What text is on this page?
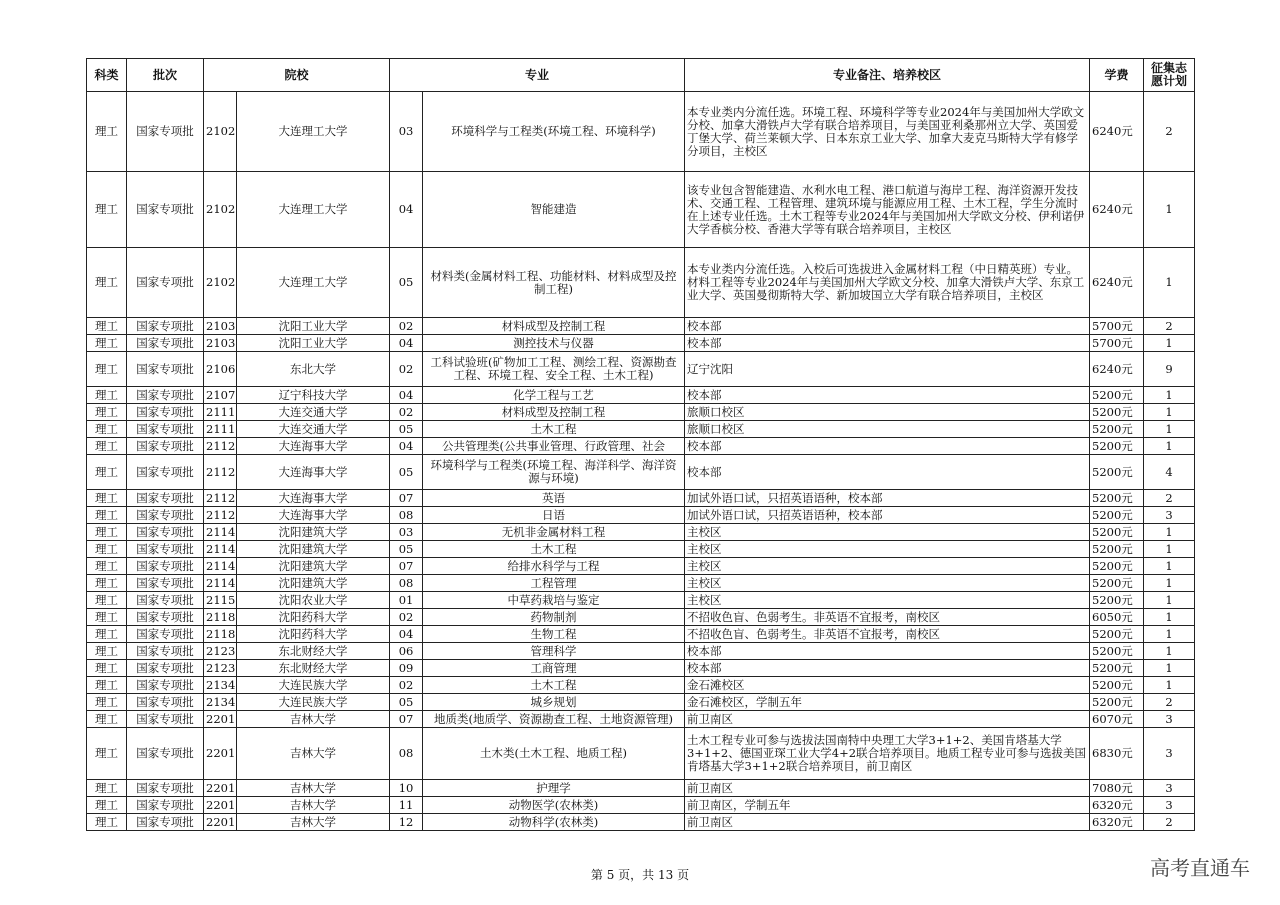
科类	批次	院校		专业		专业备注、培养校区	学费	征集志愿计划
理工	国家专项批	2102	大连理工大学	03	环境科学与工程类(环境工程、环境科学)	本专业类内分流任选。环境工程、环境科学等专业2024年与美国加州大学欧文分校、加拿大滑铁卢大学有联合培养项目，与美国亚利桑那州立大学、英国爱丁堡大学、荷兰莱顿大学、日本东京工业大学、加拿大麦克马斯特大学有修学分项目，主校区	6240元	2
理工	国家专项批	2102	大连理工大学	04	智能建造	该专业包含智能建造、水利水电工程、港口航道与海岸工程、海洋资源开发技术、交通工程、工程管理、建筑环境与能源应用工程、土木工程，学生分流时在上述专业任选。土木工程等专业2024年与美国加州大学欧文分校、伊利诺伊大学香槟分校、香港大学等有联合培养项目，主校区	6240元	1
理工	国家专项批	2102	大连理工大学	05	材料类(金属材料工程、功能材料、材料成型及控制工程)	本专业类内分流任选。入校后可选拔进入金属材料工程（中日精英班）专业。材料工程等专业2024年与美国加州大学欧文分校、加拿大滑铁卢大学、东京工业大学、英国曼彻斯特大学、新加坡国立大学有联合培养项目，主校区	6240元	1
理工	国家专项批	2103	沈阳工业大学	02	材料成型及控制工程	校本部	5700元	2
理工	国家专项批	2103	沈阳工业大学	04	测控技术与仪器	校本部	5700元	1
理工	国家专项批	2106	东北大学	02	工科试验班(矿物加工工程、测绘工程、资源勘查工程、环境工程、安全工程、土木工程)	辽宁沈阳	6240元	9
理工	国家专项批	2107	辽宁科技大学	04	化学工程与工艺	校本部	5200元	1
理工	国家专项批	2111	大连交通大学	02	材料成型及控制工程	旅顺口校区	5200元	1
理工	国家专项批	2111	大连交通大学	05	土木工程	旅顺口校区	5200元	1
理工	国家专项批	2112	大连海事大学	04	公共管理类(公共事业管理、行政管理、社会	校本部	5200元	1
理工	国家专项批	2112	大连海事大学	05	环境科学与工程类(环境工程、海洋科学、海洋资源与环境)	校本部	5200元	4
理工	国家专项批	2112	大连海事大学	07	英语	加试外语口试，只招英语语种，校本部	5200元	2
理工	国家专项批	2112	大连海事大学	08	日语	加试外语口试，只招英语语种，校本部	5200元	3
理工	国家专项批	2114	沈阳建筑大学	03	无机非金属材料工程	主校区	5200元	1
理工	国家专项批	2114	沈阳建筑大学	05	土木工程	主校区	5200元	1
理工	国家专项批	2114	沈阳建筑大学	07	给排水科学与工程	主校区	5200元	1
理工	国家专项批	2114	沈阳建筑大学	08	工程管理	主校区	5200元	1
理工	国家专项批	2115	沈阳农业大学	01	中草药栽培与鉴定	主校区	5200元	1
理工	国家专项批	2118	沈阳药科大学	02	药物制剂	不招收色盲、色弱考生。非英语不宜报考，南校区	6050元	1
理工	国家专项批	2118	沈阳药科大学	04	生物工程	不招收色盲、色弱考生。非英语不宜报考，南校区	5200元	1
理工	国家专项批	2123	东北财经大学	06	管理科学	校本部	5200元	1
理工	国家专项批	2123	东北财经大学	09	工商管理	校本部	5200元	1
理工	国家专项批	2134	大连民族大学	02	土木工程	金石滩校区	5200元	1
理工	国家专项批	2134	大连民族大学	05	城乡规划	金石滩校区，学制五年	5200元	2
理工	国家专项批	2201	吉林大学	07	地质类(地质学、资源勘查工程、土地资源管理)	前卫南区	6070元	3
理工	国家专项批	2201	吉林大学	08	土木类(土木工程、地质工程)	土木工程专业可参与选拔法国南特中央理工大学3+1+2、美国肯塔基大学3+1+2、德国亚琛工业大学4+2联合培养项目。地质工程专业可参与选拔美国肯塔基大学3+1+2联合培养项目，前卫南区	6830元	3
理工	国家专项批	2201	吉林大学	10	护理学	前卫南区	7080元	3
理工	国家专项批	2201	吉林大学	11	动物医学(农林类)	前卫南区，学制五年	6320元	3
理工	国家专项批	2201	吉林大学	12	动物科学(农林类)	前卫南区	6320元	2
第 5 页，共 13 页	高考直通车
